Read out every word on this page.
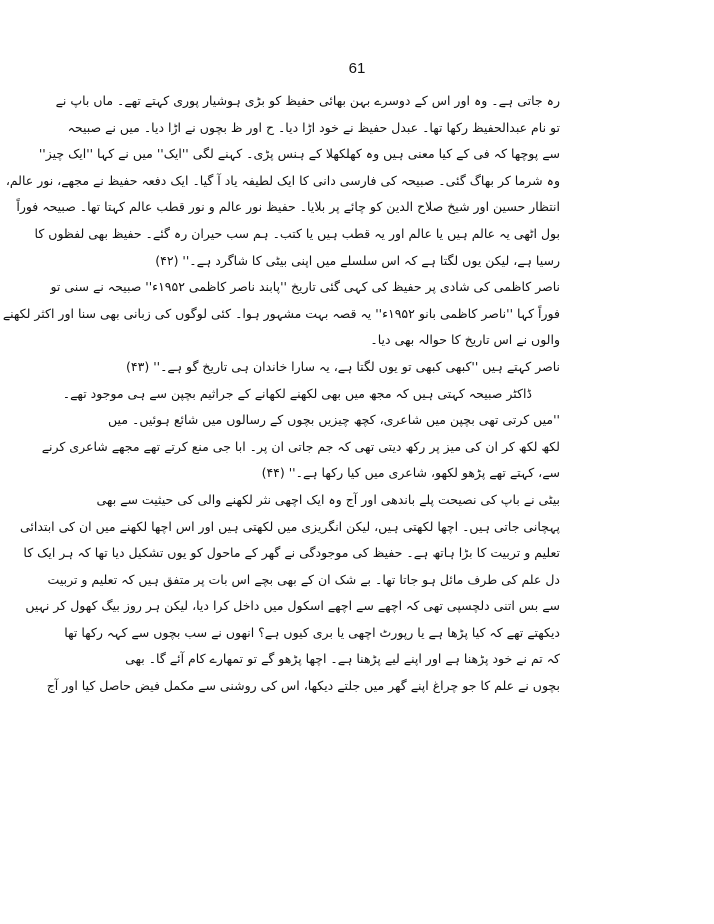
61
رہ جاتی ہے۔ وہ اور اس کے دوسرے بہن بھائی حفیظ کو بڑی ہوشیار پوری کہتے تھے۔ ماں باپ نے
تو نام عبدالحفیظ رکھا تھا۔ عبدل حفیظ نے خود اڑا دیا۔ ح اور ظ بچوں نے اڑا دیا۔ میں نے صبیحہ
سے پوچھا کہ فی کے کیا معنی ہیں وہ کھلکھلا کے ہنس پڑی۔ کہنے لگی ''ایک'' میں نے کہا ''ایک چیز''
وہ شرما کر بھاگ گئی۔ صبیحہ کی فارسی دانی کا ایک لطیفہ یاد آ گیا۔ ایک دفعہ حفیظ نے مجھے، نور عالم،
انتظار حسین اور شیخ صلاح الدین کو چائے پر بلایا۔ حفیظ نور عالم و نور قطب عالم کہتا تھا۔ صبیحہ فوراً
بول اٹھی یہ عالم ہیں یا عالم اور یہ قطب ہیں یا کتب۔ ہم سب حیران رہ گئے۔ حفیظ بھی لفظوں کا
رسیا ہے، لیکن یوں لگتا ہے کہ اس سلسلے میں اپنی بیٹی کا شاگرد ہے۔'' (۴۲)
ناصر کاظمی کی شادی پر حفیظ کی کہی گئی تاریخ ''پابند ناصر کاظمی ۱۹۵۲ء'' صبیحہ نے سنی تو
فوراً کہا ''ناصر کاظمی بانو ۱۹۵۲ء'' یہ قصہ بہت مشہور ہوا۔ کئی لوگوں کی زبانی بھی سنا اور اکثر لکھنے
والوں نے اس تاریخ کا حوالہ بھی دیا۔
ناصر کہتے ہیں ''کبھی کبھی تو یوں لگتا ہے، یہ سارا خاندان ہی تاریخ گو ہے۔'' (۴۳)
ڈاکٹر صبیحہ کہتی ہیں کہ مجھ میں بھی لکھنے لکھانے کے جراثیم بچپن سے ہی موجود تھے۔
''میں کرتی تھی بچپن میں شاعری، کچھ چیزیں بچوں کے رسالوں میں شائع ہوئیں۔ میں
لکھ لکھ کر ان کی میز پر رکھ دیتی تھی کہ جم جاتی ان پر۔ ابا جی منع کرتے تھے مجھے شاعری کرنے
سے، کہتے تھے پڑھو لکھو، شاعری میں کیا رکھا ہے۔'' (۴۴)
بیٹی نے باپ کی نصیحت پلے باندھی اور آج وہ ایک اچھی نثر لکھنے والی کی حیثیت سے بھی
پہچانی جاتی ہیں۔ اچھا لکھتی ہیں، لیکن انگریزی میں لکھتی ہیں اور اس اچھا لکھنے میں ان کی ابتدائی
تعلیم و تربیت کا بڑا ہاتھ ہے۔ حفیظ کی موجودگی نے گھر کے ماحول کو یوں تشکیل دیا تھا کہ ہر ایک کا
دل علم کی طرف مائل ہو جاتا تھا۔ بے شک ان کے بھی بچے اس بات پر متفق ہیں کہ تعلیم و تربیت
سے بس اتنی دلچسپی تھی کہ اچھے سے اچھے اسکول میں داخل کرا دیا، لیکن ہر روز بیگ کھول کر نہیں
دیکھتے تھے کہ کیا پڑھا ہے یا رپورٹ اچھی یا بری کیوں ہے؟ انھوں نے سب بچوں سے کہہ رکھا تھا
کہ تم نے خود پڑھنا ہے اور اپنے لیے پڑھنا ہے۔ اچھا پڑھو گے تو تمھارے کام آئے گا۔ بھی
بچوں نے علم کا جو چراغ اپنے گھر میں جلتے دیکھا، اس کی روشنی سے مکمل فیض حاصل کیا اور آج
